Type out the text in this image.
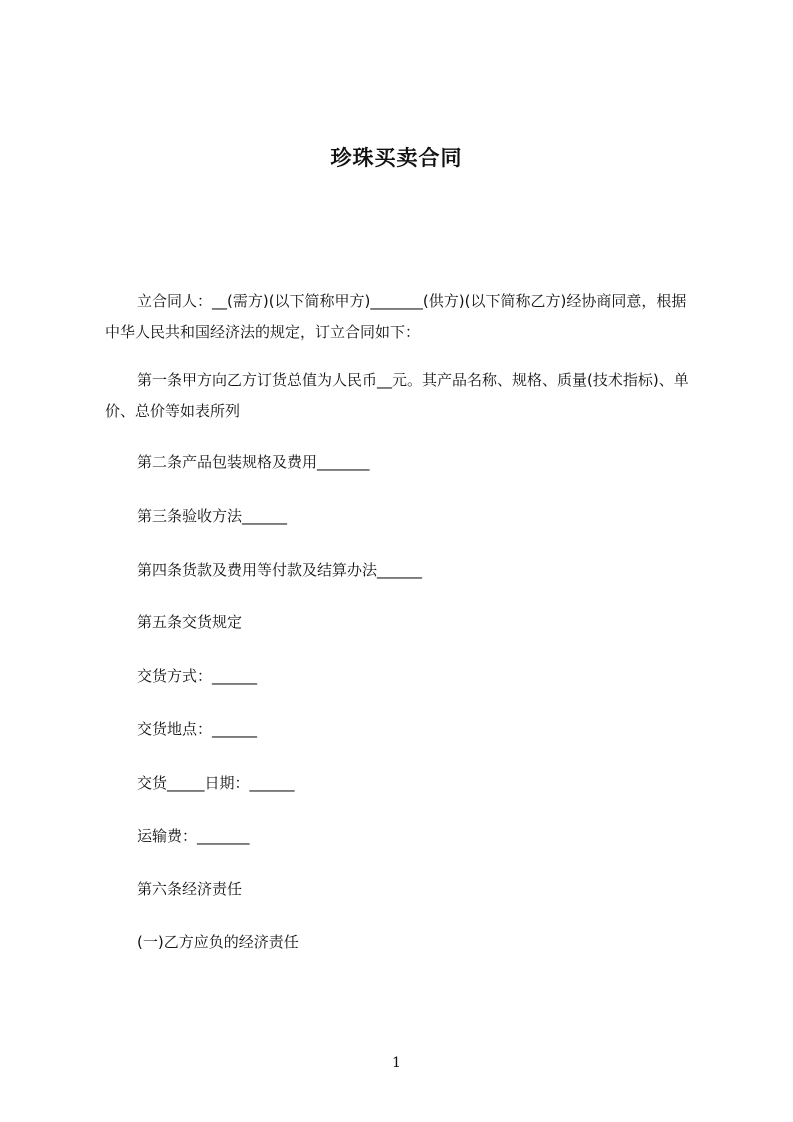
珍珠买卖合同
立合同人：__(需方)(以下简称甲方)_______(供方)(以下简称乙方)经协商同意，根据中华人民共和国经济法的规定，订立合同如下：
第一条甲方向乙方订货总值为人民币__元。其产品名称、规格、质量(技术指标)、单价、总价等如表所列
第二条产品包装规格及费用_______
第三条验收方法______
第四条货款及费用等付款及结算办法______
第五条交货规定
交货方式：______
交货地点：______
交货_____日期：______
运输费：_______
第六条经济责任
(一)乙方应负的经济责任
1
